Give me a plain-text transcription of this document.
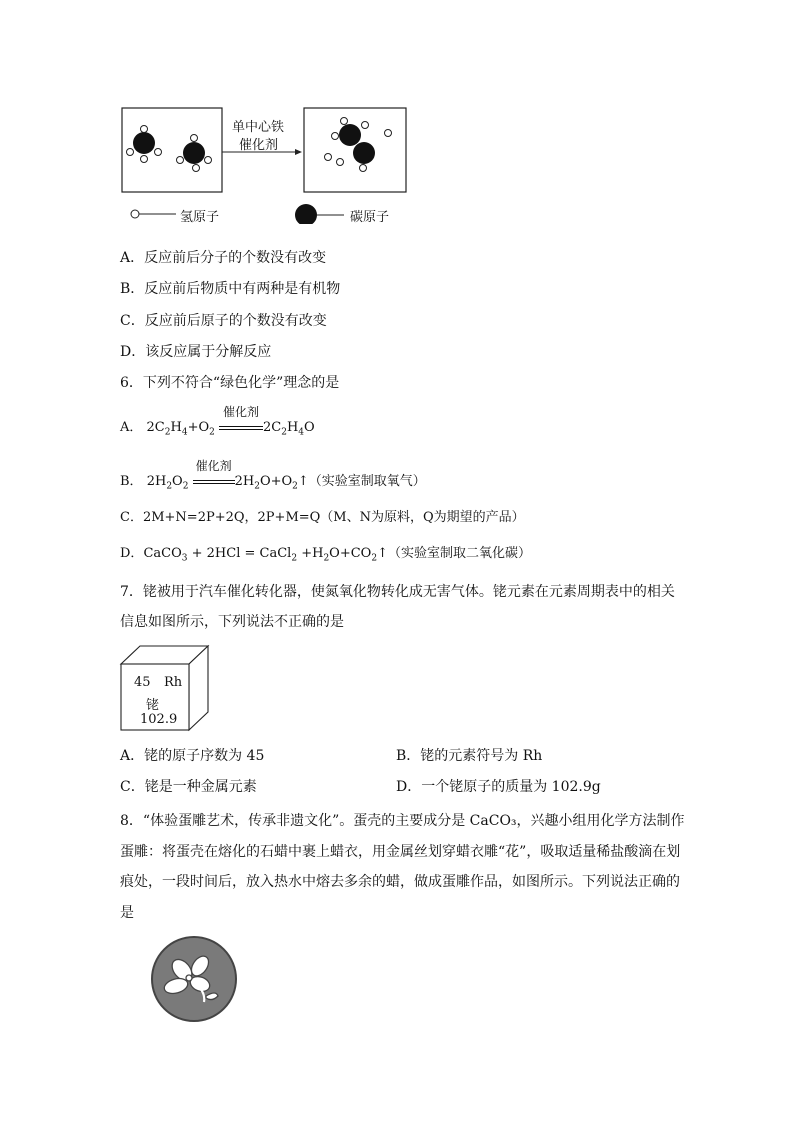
单中心铁
催化剂
氢原子	碳原子
A．反应前后分子的个数没有改变
B．反应前后物质中有两种是有机物
C．反应前后原子的个数没有改变
D．该反应属于分解反应
6．下列不符合“绿色化学”理念的是
A． $2C_2H_4+O_2$
催化剂
$2C_2H_4O$
B． $2H_2O_2$
催化剂
$2H_2O+O_2↑$（实验室制取氧气）
C．2M+N=2P+2Q，2P+M=Q（M、N为原料，Q为期望的产品）
D．CaCO$_3$ + 2HCl = CaCl$_2$ $+H_2O+CO_2↑$（实验室制取二氧化碳）
7．铑被用于汽车催化转化器，使氮氧化物转化成无害气体。铑元素在元素周期表中的相关
信息如图所示，下列说法不正确的是
45 Rh
铑
102.9
A．铑的原子序数为 45	B．铑的元素符号为 Rh
C．铑是一种金属元素	D．一个铑原子的质量为 102.9g
8．“体验蛋雕艺术，传承非遗文化”。蛋壳的主要成分是 CaCO₃，兴趣小组用化学方法制作
蛋雕：将蛋壳在熔化的石蜡中裹上蜡衣，用金属丝划穿蜡衣雕“花”，吸取适量稀盐酸滴在划
痕处，一段时间后，放入热水中熔去多余的蜡，做成蛋雕作品，如图所示。下列说法正确的
是
